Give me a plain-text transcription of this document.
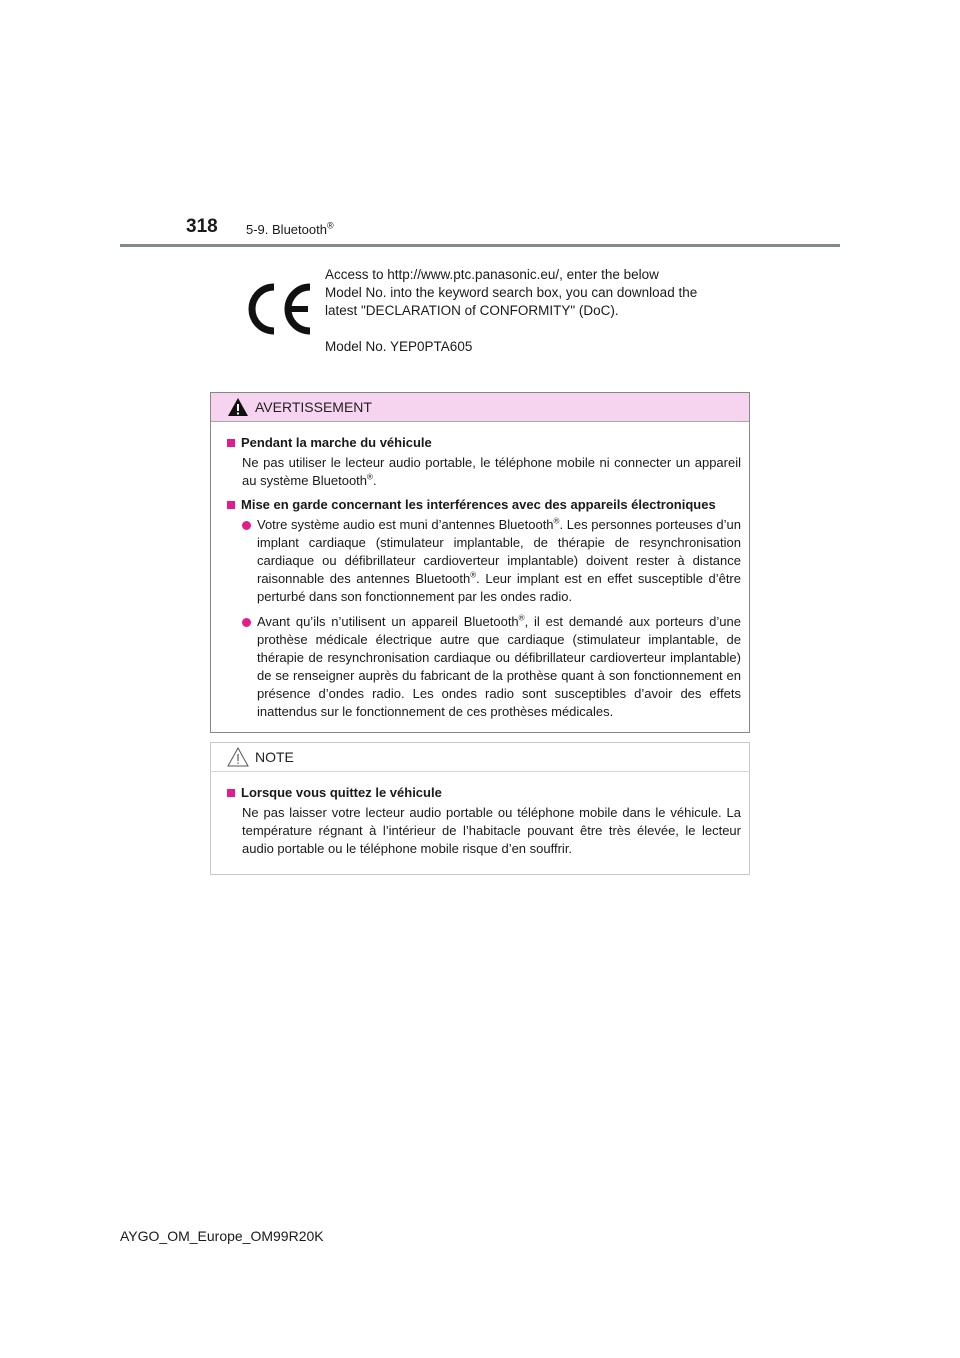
318 5-9. Bluetooth®
Access to http://www.ptc.panasonic.eu/, enter the below
Model No. into the keyword search box, you can download the
latest "DECLARATION of CONFORMITY" (DoC).
Model No. YEP0PTA605
AVERTISSEMENT
Pendant la marche du véhicule
Ne pas utiliser le lecteur audio portable, le téléphone mobile ni connecter un appareil au système Bluetooth®.
Mise en garde concernant les interférences avec des appareils électroniques
Votre système audio est muni d’antennes Bluetooth®. Les personnes porteuses d’un implant cardiaque (stimulateur implantable, de thérapie de resynchronisation cardiaque ou défibrillateur cardioverteur implantable) doivent rester à distance raisonnable des antennes Bluetooth®. Leur implant est en effet susceptible d’être perturbé dans son fonctionnement par les ondes radio.
Avant qu’ils n’utilisent un appareil Bluetooth®, il est demandé aux porteurs d’une prothèse médicale électrique autre que cardiaque (stimulateur implantable, de thérapie de resynchronisation cardiaque ou défibrillateur cardioverteur implantable) de se renseigner auprès du fabricant de la prothèse quant à son fonctionnement en présence d’ondes radio. Les ondes radio sont susceptibles d’avoir des effets inattendus sur le fonctionnement de ces prothèses médicales.
NOTE
Lorsque vous quittez le véhicule
Ne pas laisser votre lecteur audio portable ou téléphone mobile dans le véhicule. La température régnant à l’intérieur de l’habitacle pouvant être très élevée, le lecteur audio portable ou le téléphone mobile risque d’en souffrir.
AYGO_OM_Europe_OM99R20K
